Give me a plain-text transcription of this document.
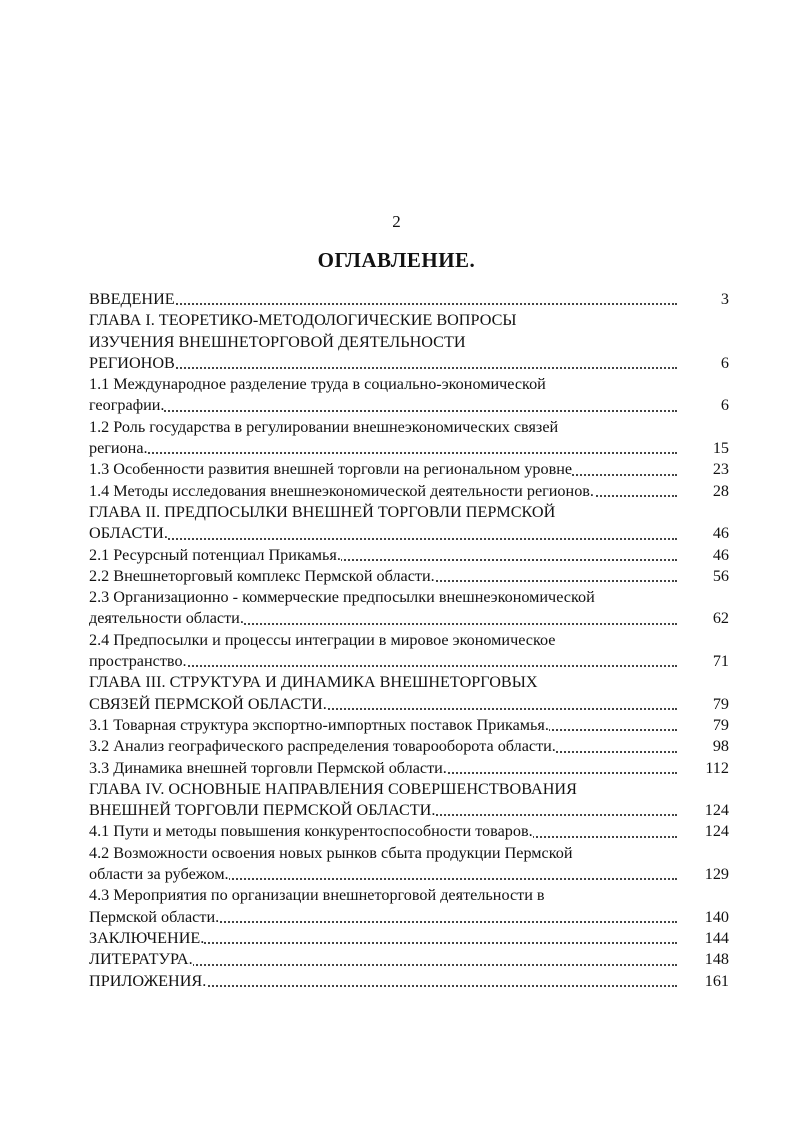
2
ОГЛАВЛЕНИЕ.
ВВЕДЕНИЕ	3
ГЛАВА I. ТЕОРЕТИКО-МЕТОДОЛОГИЧЕСКИЕ ВОПРОСЫ
ИЗУЧЕНИЯ ВНЕШНЕТОРГОВОЙ ДЕЯТЕЛЬНОСТИ
РЕГИОНОВ	6
1.1 Международное разделение труда в социально-экономической
географии.	6
1.2 Роль государства в регулировании внешнеэкономических связей
региона.	15
1.3 Особенности развития внешней торговли на региональном уровне	23
1.4 Методы исследования внешнеэкономической деятельности регионов.	28
ГЛАВА II. ПРЕДПОСЫЛКИ ВНЕШНЕЙ ТОРГОВЛИ ПЕРМСКОЙ
ОБЛАСТИ.	46
2.1 Ресурсный потенциал Прикамья.	46
2.2 Внешнеторговый комплекс Пермской области.	56
2.3 Организационно - коммерческие предпосылки внешнеэкономической
деятельности области.	62
2.4 Предпосылки и процессы интеграции в мировое экономическое
пространство.	71
ГЛАВА III. СТРУКТУРА И ДИНАМИКА ВНЕШНЕТОРГОВЫХ
СВЯЗЕЙ ПЕРМСКОЙ ОБЛАСТИ.	79
3.1 Товарная структура экспортно-импортных поставок Прикамья.	79
3.2 Анализ географического распределения товарооборота области.	98
3.3 Динамика внешней торговли Пермской области.	112
ГЛАВА IV. ОСНОВНЫЕ НАПРАВЛЕНИЯ СОВЕРШЕНСТВОВАНИЯ
ВНЕШНЕЙ ТОРГОВЛИ ПЕРМСКОЙ ОБЛАСТИ.	124
4.1 Пути и методы повышения конкурентоспособности товаров.	124
4.2 Возможности освоения новых рынков сбыта продукции Пермской
области за рубежом.	129
4.3 Мероприятия по организации внешнеторговой деятельности в
Пермской области.	140
ЗАКЛЮЧЕНИЕ.	144
ЛИТЕРАТУРА.	148
ПРИЛОЖЕНИЯ.	161
